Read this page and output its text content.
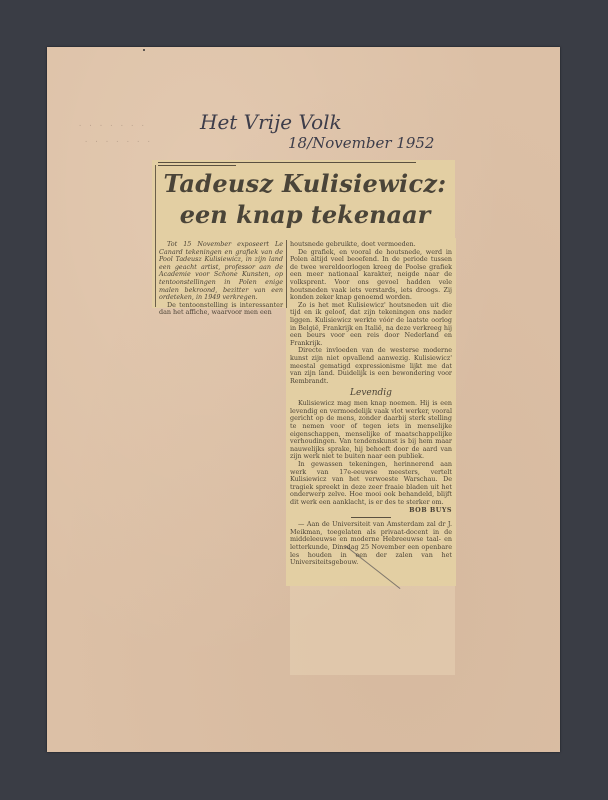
· · · · · · ·
· · · · · · ·
Het Vrije Volk
18/November 1952
Tadeusz Kulisiewicz:
een knap tekenaar

Tot 15 November exposeert Le Canard tekeningen en grafiek van de Pool Tadeusz Kulisiewicz, in zijn land een geacht artist, professor aan de Academie voor Schone Kunsten, op tentoonstellingen in Polen enige malen bekroond, bezitter van een ordeteken, in 1949 verkregen.

De tentoonstelling is interessanter dan het affiche, waarvoor men een

houtsnede gebruikte, doet vermoeden.

De grafiek, en vooral de houtsnede, werd in Polen altijd veel beoefend. In de periode tussen de twee wereldoorlogen kreeg de Poolse grafiek een meer nationaal karakter, neigde naar de volksprent. Voor ons gevoel hadden vele houtsneden vaak iets verstards, iets droogs. Zij konden zeker knap genoemd worden.

Zo is het met Kulisiewicz' houtsneden uit die tijd en ik geloof, dat zijn tekeningen ons nader liggen. Kulisiewicz werkte vóór de laatste oorlog in België, Frankrijk en Italië, na deze verkreeg hij een beurs voor een reis door Nederland en Frankrijk.

Directe invloeden van de westerse moderne kunst zijn niet opvallend aanwezig. Kulisiewicz' meestal gematigd expressionisme lijkt me dat van zijn land. Duidelijk is een bewondering voor Rembrandt.

Levendig

Kulisiewicz mag men knap noemen. Hij is een levendig en vermoedelijk vaak vlot werker, vooral gericht op de mens, zonder daarbij sterk stelling te nemen voor of tegen iets in menselijke eigenschappen, menselijke of maatschappelijke verhoudingen. Van tendenskunst is bij hem maar nauwelijks sprake, hij behoeft door de aard van zijn werk niet te buiten naar een publiek.

In gewassen tekeningen, herinnerend aan werk van 17e-eeuwse meesters, vertelt Kulisiewicz van het verwoeste Warschau. De tragiek spreekt in deze zeer fraaie bladen uit het onderwerp zelve. Hoe mooi ook behandeld, blijft dit werk een aanklacht, is er des te sterker om.

BOB BUYS

— Aan de Universiteit van Amsterdam zal dr J. Meikman, toegelaten als privaat-docent in de middeleeuwse en moderne Hebreeuwse taal- en letterkunde, Dinsdag 25 November een openbare les houden in een der zalen van het Universiteitsgebouw.
